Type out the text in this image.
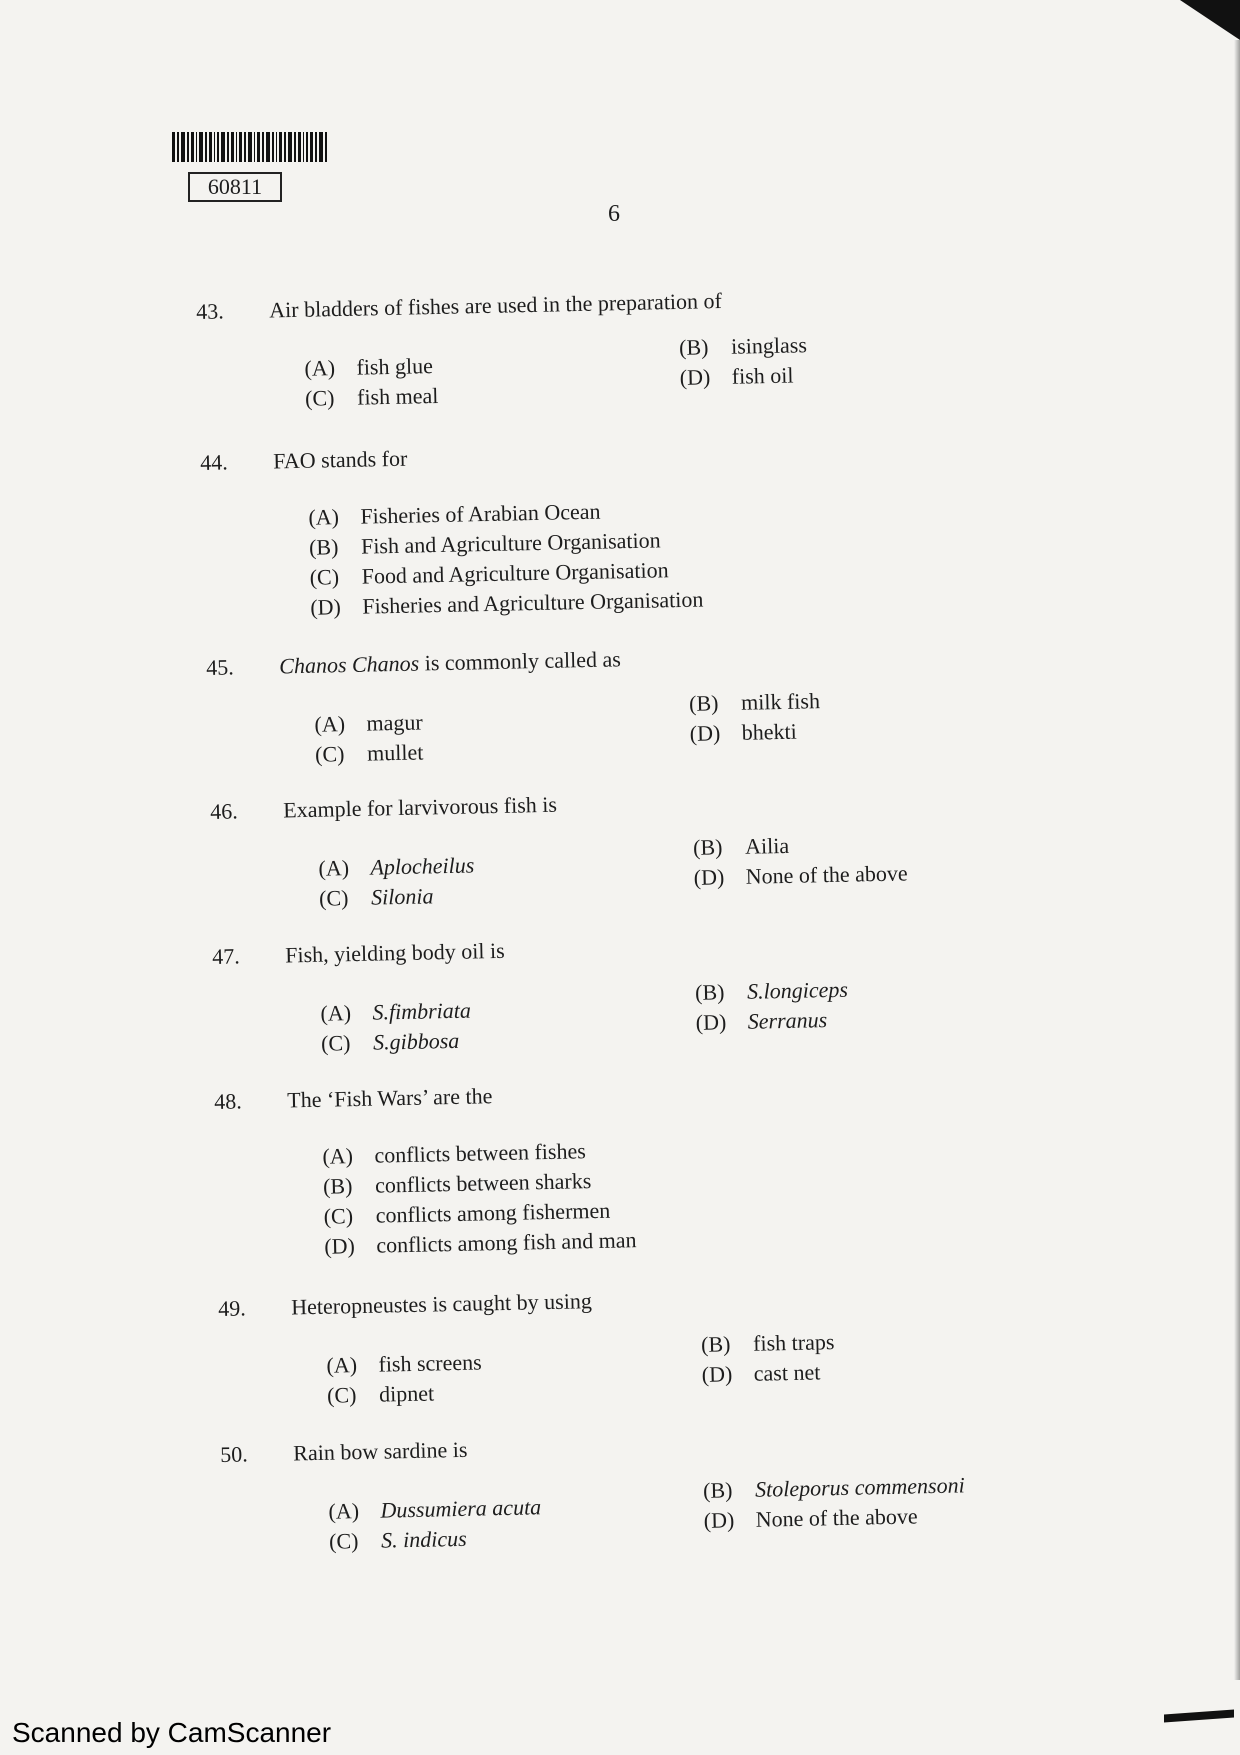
60811
6
43. Air bladders of fishes are used in the preparation of
(A) fish glue
(B) isinglass
(C) fish meal
(D) fish oil
44. FAO stands for
(A) Fisheries of Arabian Ocean
(B) Fish and Agriculture Organisation
(C) Food and Agriculture Organisation
(D) Fisheries and Agriculture Organisation
45. Chanos Chanos is commonly called as
(A) magur
(B) milk fish
(C) mullet
(D) bhekti
46. Example for larvivorous fish is
(A) Aplocheilus
(B) Ailia
(C) Silonia
(D) None of the above
47. Fish, yielding body oil is
(A) S.fimbriata
(B) S.longiceps
(C) S.gibbosa
(D) Serranus
48. The ‘Fish Wars’ are the
(A) conflicts between fishes
(B) conflicts between sharks
(C) conflicts among fishermen
(D) conflicts among fish and man
49. Heteropneustes is caught by using
(A) fish screens
(B) fish traps
(C) dipnet
(D) cast net
50. Rain bow sardine is
(A) Dussumiera acuta
(B) Stoleporus commensoni
(C) S. indicus
(D) None of the above
Scanned by CamScanner
